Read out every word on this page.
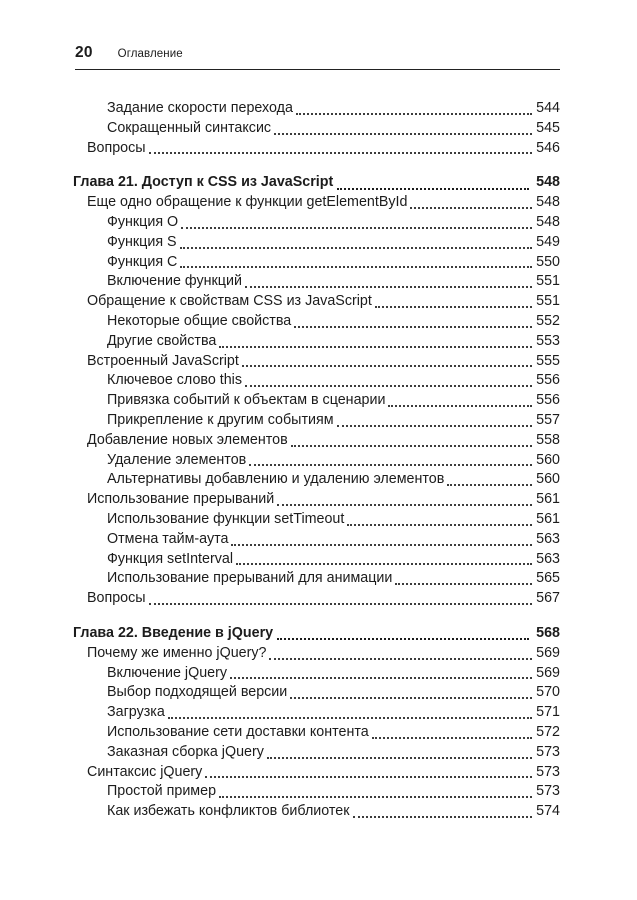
20 Оглавление
Задание скорости перехода	544
Сокращенный синтаксис	545
Вопросы	546
Глава 21. Доступ к CSS из JavaScript	548
Еще одно обращение к функции getElementById	548
Функция O	548
Функция S	549
Функция C	550
Включение функций	551
Обращение к свойствам CSS из JavaScript	551
Некоторые общие свойства	552
Другие свойства	553
Встроенный JavaScript	555
Ключевое слово this	556
Привязка событий к объектам в сценарии	556
Прикрепление к другим событиям	557
Добавление новых элементов	558
Удаление элементов	560
Альтернативы добавлению и удалению элементов	560
Использование прерываний	561
Использование функции setTimeout	561
Отмена тайм-аута	563
Функция setInterval	563
Использование прерываний для анимации	565
Вопросы	567
Глава 22. Введение в jQuery	568
Почему же именно jQuery?	569
Включение jQuery	569
Выбор подходящей версии	570
Загрузка	571
Использование сети доставки контента	572
Заказная сборка jQuery	573
Синтаксис jQuery	573
Простой пример	573
Как избежать конфликтов библиотек	574
